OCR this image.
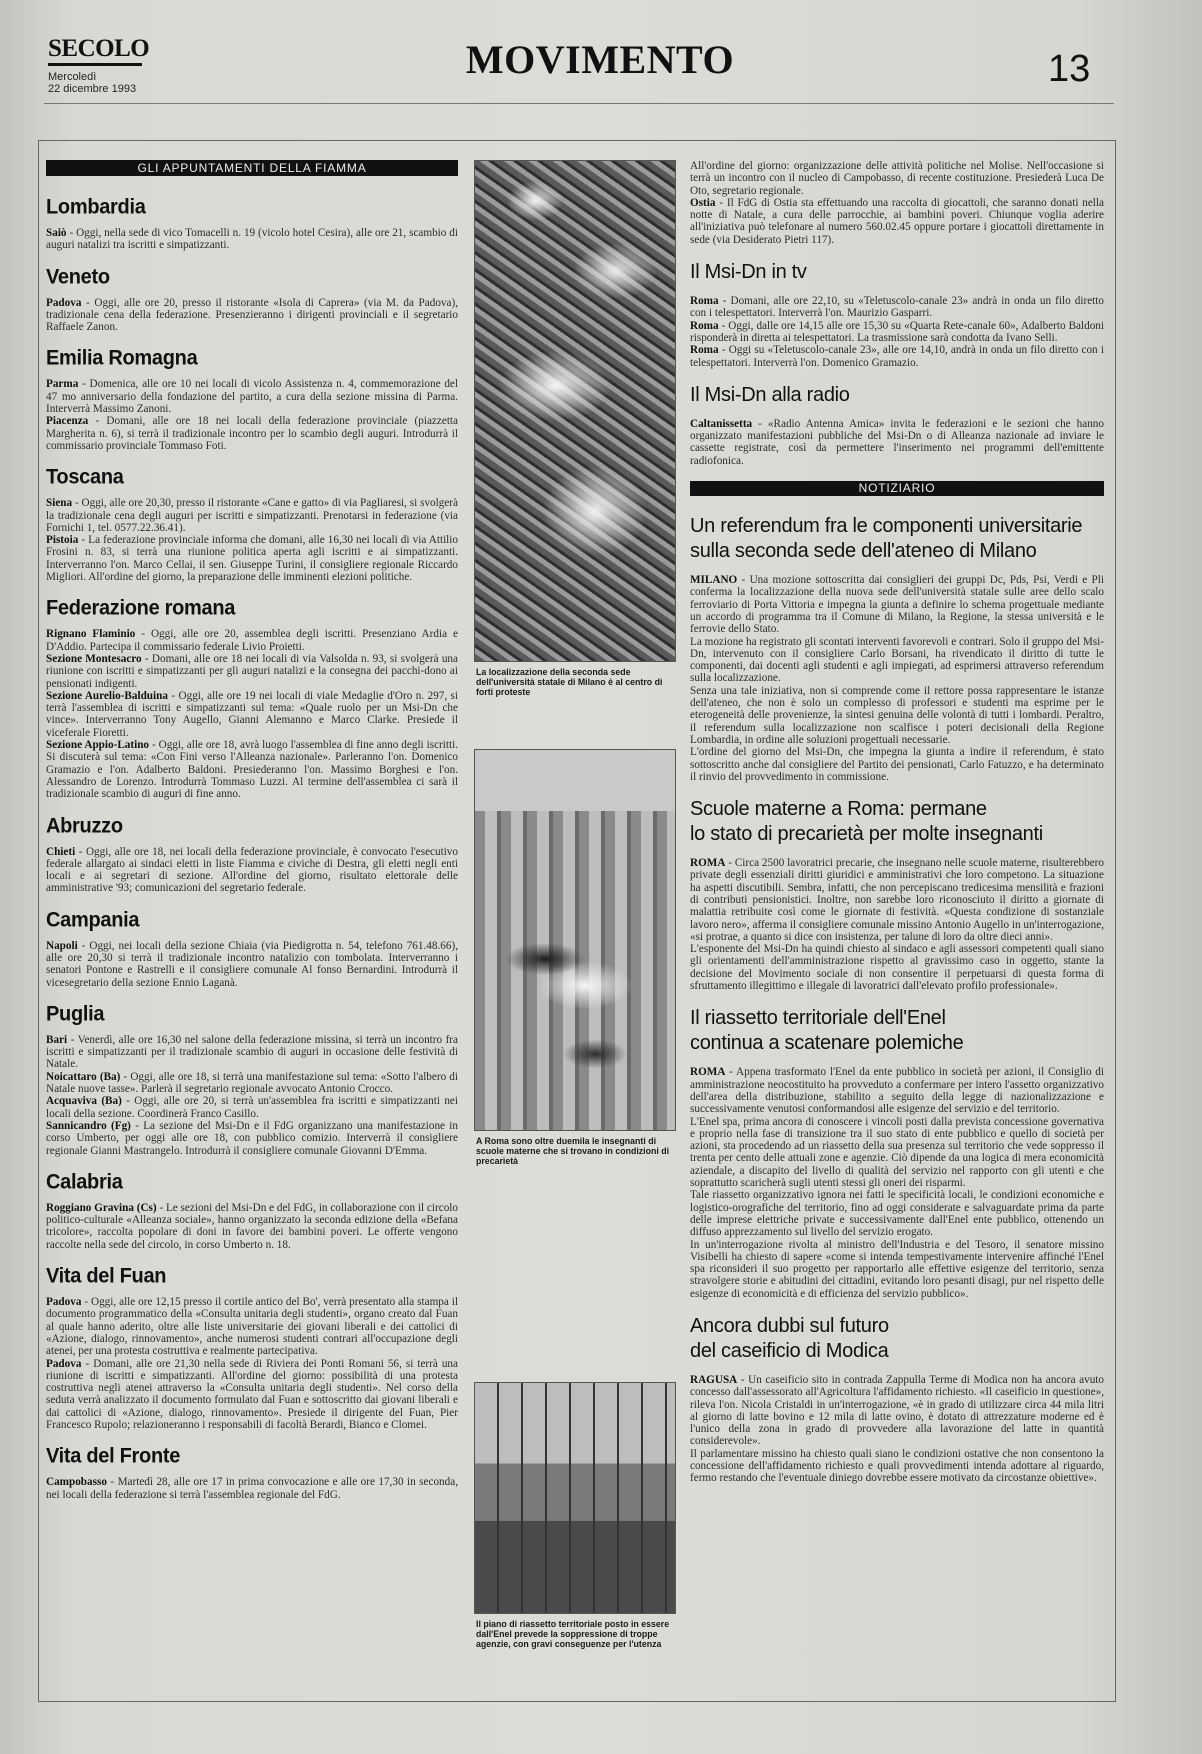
SECOLO
Mercoledì
22 dicembre 1993
MOVIMENTO	13
GLI APPUNTAMENTI DELLA FIAMMA
Lombardia

Saiò - Oggi, nella sede di vico Tomacelli n. 19 (vicolo hotel Cesira), alle ore 21, scambio di auguri natalizi tra iscritti e simpatizzanti.

Veneto

Padova - Oggi, alle ore 20, presso il ristorante «Isola di Caprera» (via M. da Padova), tradizionale cena della federazione. Presenzieranno i dirigenti provinciali e il segretario Raffaele Zanon.

Emilia Romagna

Parma - Domenica, alle ore 10 nei locali di vicolo Assistenza n. 4, commemorazione del 47 mo anniversario della fondazione del partito, a cura della sezione missina di Parma. Interverrà Massimo Zanoni.

Piacenza - Domani, alle ore 18 nei locali della federazione provinciale (piazzetta Margherita n. 6), si terrà il tradizionale incontro per lo scambio degli auguri. Introdurrà il commissario provinciale Tommaso Foti.

Toscana

Siena - Oggi, alle ore 20,30, presso il ristorante «Cane e gatto» di via Pagliaresi, si svolgerà la tradizionale cena degli auguri per iscritti e simpatizzanti. Prenotarsi in federazione (via Fornichi 1, tel. 0577.22.36.41).

Pistoia - La federazione provinciale informa che domani, alle 16,30 nei locali di via Attilio Frosini n. 83, si terrà una riunione politica aperta agli iscritti e ai simpatizzanti. Interverranno l'on. Marco Cellai, il sen. Giuseppe Turini, il consigliere regionale Riccardo Migliori. All'ordine del giorno, la preparazione delle imminenti elezioni politiche.

Federazione romana

Rignano Flaminio - Oggi, alle ore 20, assemblea degli iscritti. Presenziano Ardia e D'Addio. Partecipa il commissario federale Livio Proietti.

Sezione Montesacro - Domani, alle ore 18 nei locali di via Valsolda n. 93, si svolgerà una riunione con iscritti e simpatizzanti per gli auguri natalizi e la consegna dei pacchi-dono ai pensionati indigenti.

Sezione Aurelio-Balduina - Oggi, alle ore 19 nei locali di viale Medaglie d'Oro n. 297, si terrà l'assemblea di iscritti e simpatizzanti sul tema: «Quale ruolo per un Msi-Dn che vince». Interverranno Tony Augello, Gianni Alemanno e Marco Clarke. Presiede il viceferale Fioretti.

Sezione Appio-Latino - Oggi, alle ore 18, avrà luogo l'assemblea di fine anno degli iscritti. Si discuterà sul tema: «Con Fini verso l'Alleanza nazionale». Parleranno l'on. Domenico Gramazio e l'on. Adalberto Baldoni. Presiederanno l'on. Massimo Borghesi e l'on. Alessandro de Lorenzo. Introdurrà Tommaso Luzzi. Al termine dell'assemblea ci sarà il tradizionale scambio di auguri di fine anno.

Abruzzo

Chieti - Oggi, alle ore 18, nei locali della federazione provinciale, è convocato l'esecutivo federale allargato ai sindaci eletti in liste Fiamma e civiche di Destra, gli eletti negli enti locali e ai segretari di sezione. All'ordine del giorno, risultato elettorale delle amministrative '93; comunicazioni del segretario federale.

Campania

Napoli - Oggi, nei locali della sezione Chiaia (via Piedigrotta n. 54, telefono 761.48.66), alle ore 20,30 si terrà il tradizionale incontro natalizio con tombolata. Interverranno i senatori Pontone e Rastrelli e il consigliere comunale Al fonso Bernardini. Introdurrà il vicesegretario della sezione Ennio Laganà.

Puglia

Bari - Venerdì, alle ore 16,30 nel salone della federazione missina, si terrà un incontro fra iscritti e simpatizzanti per il tradizionale scambio di auguri in occasione delle festività di Natale.

Noicattaro (Ba) - Oggi, alle ore 18, si terrà una manifestazione sul tema: «Sotto l'albero di Natale nuove tasse». Parlerà il segretario regionale avvocato Antonio Crocco.

Acquaviva (Ba) - Oggi, alle ore 20, si terrà un'assemblea fra iscritti e simpatizzanti nei locali della sezione. Coordinerà Franco Casillo.

Sannicandro (Fg) - La sezione del Msi-Dn e il FdG organizzano una manifestazione in corso Umberto, per oggi alle ore 18, con pubblico comizio. Interverrà il consigliere regionale Gianni Mastrangelo. Introdurrà il consigliere comunale Giovanni D'Emma.

Calabria

Roggiano Gravina (Cs) - Le sezioni del Msi-Dn e del FdG, in collaborazione con il circolo politico-culturale «Alleanza sociale», hanno organizzato la seconda edizione della «Befana tricolore», raccolta popolare di doni in favore dei bambini poveri. Le offerte vengono raccolte nella sede del circolo, in corso Umberto n. 18.

Vita del Fuan

Padova - Oggi, alle ore 12,15 presso il cortile antico del Bo', verrà presentato alla stampa il documento programmatico della «Consulta unitaria degli studenti», organo creato dal Fuan al quale hanno aderito, oltre alle liste universitarie dei giovani liberali e dei cattolici di «Azione, dialogo, rinnovamento», anche numerosi studenti contrari all'occupazione degli atenei, per una protesta costruttiva e realmente partecipativa.

Padova - Domani, alle ore 21,30 nella sede di Riviera dei Ponti Romani 56, si terrà una riunione di iscritti e simpatizzanti. All'ordine del giorno: possibilità di una protesta costruttiva negli atenei attraverso la «Consulta unitaria degli studenti». Nel corso della seduta verrà analizzato il documento formulato dal Fuan e sottoscritto dai giovani liberali e dai cattolici di «Azione, dialogo, rinnovamento». Presiede il dirigente del Fuan, Pier Francesco Rupolo; relazioneranno i responsabili di facoltà Berardi, Bianco e Clomei.

Vita del Fronte

Campobasso - Martedì 28, alle ore 17 in prima convocazione e alle ore 17,30 in seconda, nei locali della federazione si terrà l'assemblea regionale del FdG.

La localizzazione della seconda sede dell'università statale di Milano è al centro di forti proteste
A Roma sono oltre duemila le insegnanti di scuole materne che si trovano in condizioni di precarietà
Il piano di riassetto territoriale posto in essere dall'Enel prevede la soppressione di troppe agenzie, con gravi conseguenze per l'utenza

All'ordine del giorno: organizzazione delle attività politiche nel Molise. Nell'occasione si terrà un incontro con il nucleo di Campobasso, di recente costituzione. Presiederà Luca De Oto, segretario regionale.

Ostia - Il FdG di Ostia sta effettuando una raccolta di giocattoli, che saranno donati nella notte di Natale, a cura delle parrocchie, ai bambini poveri. Chiunque voglia aderire all'iniziativa può telefonare al numero 560.02.45 oppure portare i giocattoli direttamente in sede (via Desiderato Pietri 117).

Il Msi-Dn in tv

Roma - Domani, alle ore 22,10, su «Teletuscolo-canale 23» andrà in onda un filo diretto con i telespettatori. Interverrà l'on. Maurizio Gasparri.

Roma - Oggi, dalle ore 14,15 alle ore 15,30 su «Quarta Rete-canale 60», Adalberto Baldoni risponderà in diretta ai telespettatori. La trasmissione sarà condotta da Ivano Selli.

Roma - Oggi su «Teletuscolo-canale 23», alle ore 14,10, andrà in onda un filo diretto con i telespettatori. Interverrà l'on. Domenico Gramazio.

Il Msi-Dn alla radio

Caltanissetta - «Radio Antenna Amica» invita le federazioni e le sezioni che hanno organizzato manifestazioni pubbliche del Msi-Dn o di Alleanza nazionale ad inviare le cassette registrate, così da permettere l'inserimento nei programmi dell'emittente radiofonica.

NOTIZIARIO
Un referendum fra le componenti universitarie
sulla seconda sede dell'ateneo di Milano

MILANO - Una mozione sottoscritta dai consiglieri dei gruppi Dc, Pds, Psi, Verdi e Pli conferma la localizzazione della nuova sede dell'università statale sulle aree dello scalo ferroviario di Porta Vittoria e impegna la giunta a definire lo schema progettuale mediante un accordo di programma tra il Comune di Milano, la Regione, la stessa università e le ferrovie dello Stato.

La mozione ha registrato gli scontati interventi favorevoli e contrari. Solo il gruppo del Msi-Dn, intervenuto con il consigliere Carlo Borsani, ha rivendicato il diritto di tutte le componenti, dai docenti agli studenti e agli impiegati, ad esprimersi attraverso referendum sulla localizzazione.

Senza una tale iniziativa, non si comprende come il rettore possa rappresentare le istanze dell'ateneo, che non è solo un complesso di professori e studenti ma esprime per le eterogeneità delle provenienze, la sintesi genuina delle volontà di tutti i lombardi. Peraltro, il referendum sulla localizzazione non scalfisce i poteri decisionali della Regione Lombardia, in ordine alle soluzioni progettuali necessarie.

L'ordine del giorno del Msi-Dn, che impegna la giunta a indire il referendum, è stato sottoscritto anche dal consigliere del Partito dei pensionati, Carlo Fatuzzo, e ha determinato il rinvio del provvedimento in commissione.

Scuole materne a Roma: permane
lo stato di precarietà per molte insegnanti

ROMA - Circa 2500 lavoratrici precarie, che insegnano nelle scuole materne, risulterebbero private degli essenziali diritti giuridici e amministrativi che loro competono. La situazione ha aspetti discutibili. Sembra, infatti, che non percepiscano tredicesima mensilità e frazioni di contributi pensionistici. Inoltre, non sarebbe loro riconosciuto il diritto a giornate di malattia retribuite così come le giornate di festività. «Questa condizione di sostanziale lavoro nero», afferma il consigliere comunale missino Antonio Augello in un'interrogazione, «si protrae, a quanto si dice con insistenza, per talune di loro da oltre dieci anni».

L'esponente del Msi-Dn ha quindi chiesto al sindaco e agli assessori competenti quali siano gli orientamenti dell'amministrazione rispetto al gravissimo caso in oggetto, stante la decisione del Movimento sociale di non consentire il perpetuarsi di questa forma di sfruttamento illegittimo e illegale di lavoratrici dall'elevato profilo professionale».

Il riassetto territoriale dell'Enel
continua a scatenare polemiche

ROMA - Appena trasformato l'Enel da ente pubblico in società per azioni, il Consiglio di amministrazione neocostituito ha provveduto a confermare per intero l'assetto organizzativo dell'area della distribuzione, stabilito a seguito della legge di nazionalizzazione e successivamente venutosi conformandosi alle esigenze del servizio e del territorio.

L'Enel spa, prima ancora di conoscere i vincoli posti dalla prevista concessione governativa e proprio nella fase di transizione tra il suo stato di ente pubblico e quello di società per azioni, sta procedendo ad un riassetto della sua presenza sul territorio che vede soppresso il trenta per cento delle attuali zone e agenzie. Ciò dipende da una logica di mera economicità aziendale, a discapito del livello di qualità del servizio nel rapporto con gli utenti e che soprattutto scaricherà sugli utenti stessi gli oneri dei risparmi.

Tale riassetto organizzativo ignora nei fatti le specificità locali, le condizioni economiche e logistico-orografiche del territorio, fino ad oggi considerate e salvaguardate prima da parte delle imprese elettriche private e successivamente dall'Enel ente pubblico, ottenendo un diffuso apprezzamento sul livello del servizio erogato.

In un'interrogazione rivolta al ministro dell'Industria e del Tesoro, il senatore missino Visibelli ha chiesto di sapere «come si intenda tempestivamente intervenire affinché l'Enel spa riconsideri il suo progetto per rapportarlo alle effettive esigenze del territorio, senza stravolgere storie e abitudini dei cittadini, evitando loro pesanti disagi, pur nel rispetto delle esigenze di economicità e di efficienza del servizio pubblico».

Ancora dubbi sul futuro
del caseificio di Modica

RAGUSA - Un caseificio sito in contrada Zappulla Terme di Modica non ha ancora avuto concesso dall'assessorato all'Agricoltura l'affidamento richiesto. «Il caseificio in questione», rileva l'on. Nicola Cristaldi in un'interrogazione, «è in grado di utilizzare circa 44 mila litri al giorno di latte bovino e 12 mila di latte ovino, è dotato di attrezzature moderne ed è l'unico della zona in grado di provvedere alla lavorazione del latte in quantità considerevole».

Il parlamentare missino ha chiesto quali siano le condizioni ostative che non consentono la concessione dell'affidamento richiesto e quali provvedimenti intenda adottare al riguardo, fermo restando che l'eventuale diniego dovrebbe essere motivato da circostanze obiettive».
